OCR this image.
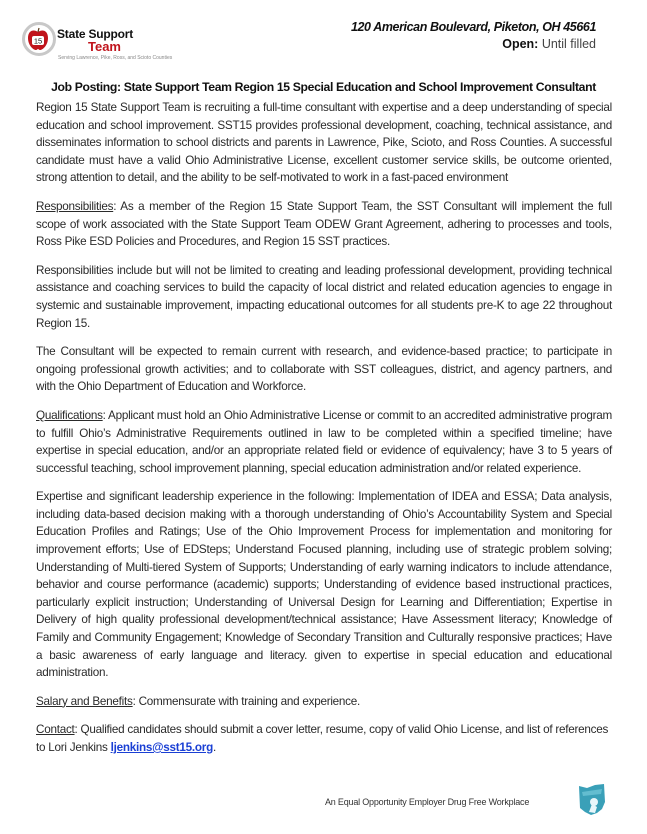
15 State Support
Team
Serving Lawrence, Pike, Ross, and Scioto Counties
120 American Boulevard, Piketon, OH 45661
Open: Until filled
Job Posting: State Support Team Region 15 Special Education and School Improvement Consultant

Region 15 State Support Team is recruiting a full-time consultant with expertise and a deep understanding of special education and school improvement. SST15 provides professional development, coaching, technical assistance, and disseminates information to school districts and parents in Lawrence, Pike, Scioto, and Ross Counties. A successful candidate must have a valid Ohio Administrative License, excellent customer service skills, be outcome oriented, strong attention to detail, and the ability to be self-motivated to work in a fast-paced environment

Responsibilities: As a member of the Region 15 State Support Team, the SST Consultant will implement the full scope of work associated with the State Support Team ODEW Grant Agreement, adhering to processes and tools, Ross Pike ESD Policies and Procedures, and Region 15 SST practices.

Responsibilities include but will not be limited to creating and leading professional development, providing technical assistance and coaching services to build the capacity of local district and related education agencies to engage in systemic and sustainable improvement, impacting educational outcomes for all students pre-K to age 22 throughout Region 15.

The Consultant will be expected to remain current with research, and evidence-based practice; to participate in ongoing professional growth activities; and to collaborate with SST colleagues, district, and agency partners, and with the Ohio Department of Education and Workforce.

Qualifications: Applicant must hold an Ohio Administrative License or commit to an accredited administrative program to fulfill Ohio’s Administrative Requirements outlined in law to be completed within a specified timeline; have expertise in special education, and/or an appropriate related field or evidence of equivalency; have 3 to 5 years of successful teaching, school improvement planning, special education administration and/or related experience.

Expertise and significant leadership experience in the following: Implementation of IDEA and ESSA; Data analysis, including data-based decision making with a thorough understanding of Ohio’s Accountability System and Special Education Profiles and Ratings; Use of the Ohio Improvement Process for implementation and monitoring for improvement efforts; Use of EDSteps; Understand Focused planning, including use of strategic problem solving; Understanding of Multi-tiered System of Supports; Understanding of early warning indicators to include attendance, behavior and course performance (academic) supports; Understanding of evidence based instructional practices, particularly explicit instruction; Understanding of Universal Design for Learning and Differentiation; Expertise in Delivery of high quality professional development/technical assistance; Have Assessment literacy; Knowledge of Family and Community Engagement; Knowledge of Secondary Transition and Culturally responsive practices; Have a basic awareness of early language and literacy. given to expertise in special education and educational administration.

Salary and Benefits: Commensurate with training and experience.

Contact: Qualified candidates should submit a cover letter, resume, copy of valid Ohio License, and list of references to Lori Jenkins ljenkins@sst15.org.

An Equal Opportunity Employer Drug Free Workplace
